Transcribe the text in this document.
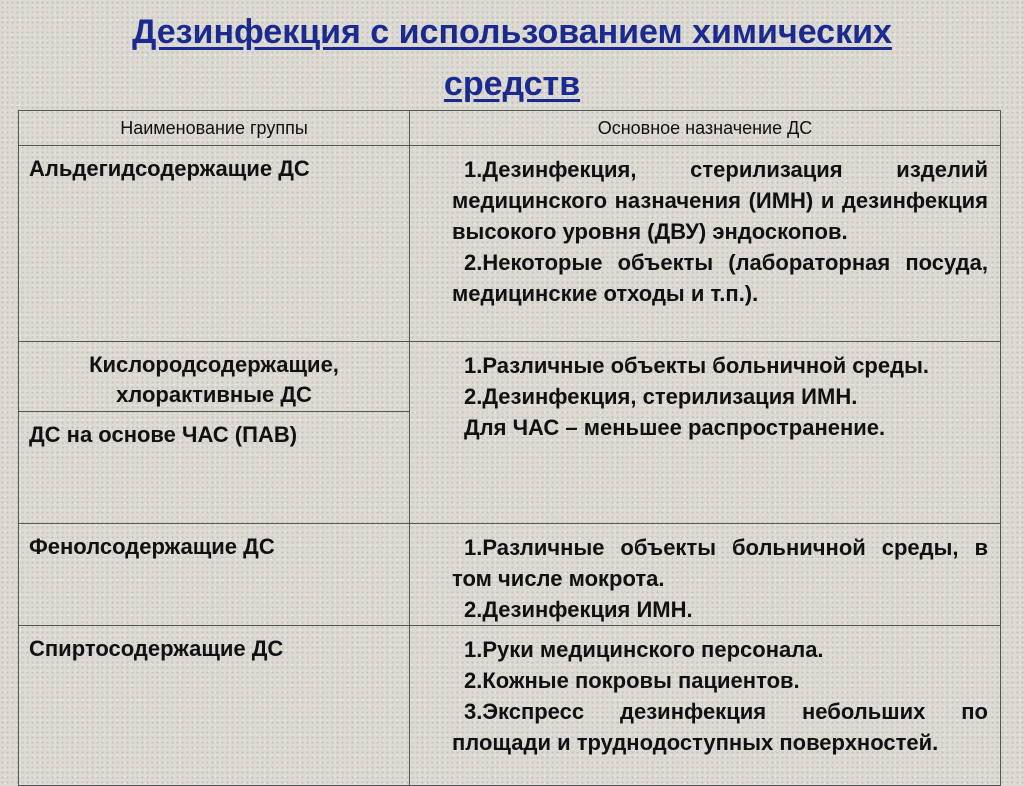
Дезинфекция с использованием химических
средств
Наименование группы	Основное назначение ДС
Альдегидсодержащие ДС	1.Дезинфекция, стерилизация изделий медицинского назначения (ИМН) и дезинфекция высокого уровня (ДВУ) эндоскопов.

2.Некоторые объекты (лабораторная посуда, медицинские отходы и т.п.).

Кислородсодержащие, хлорактивные ДС	1.Различные объекты больничной среды.

2.Дезинфекция, стерилизация ИМН.

Для ЧАС – меньшее распространение.

ДС на основе ЧАС (ПАВ)	
Фенолсодержащие ДС	1.Различные объекты больничной среды, в том числе мокрота.

2.Дезинфекция ИМН.

Спиртосодержащие ДС	1.Руки медицинского персонала.

2.Кожные покровы пациентов.

3.Экспресс дезинфекция небольших по площади и труднодоступных поверхностей.
